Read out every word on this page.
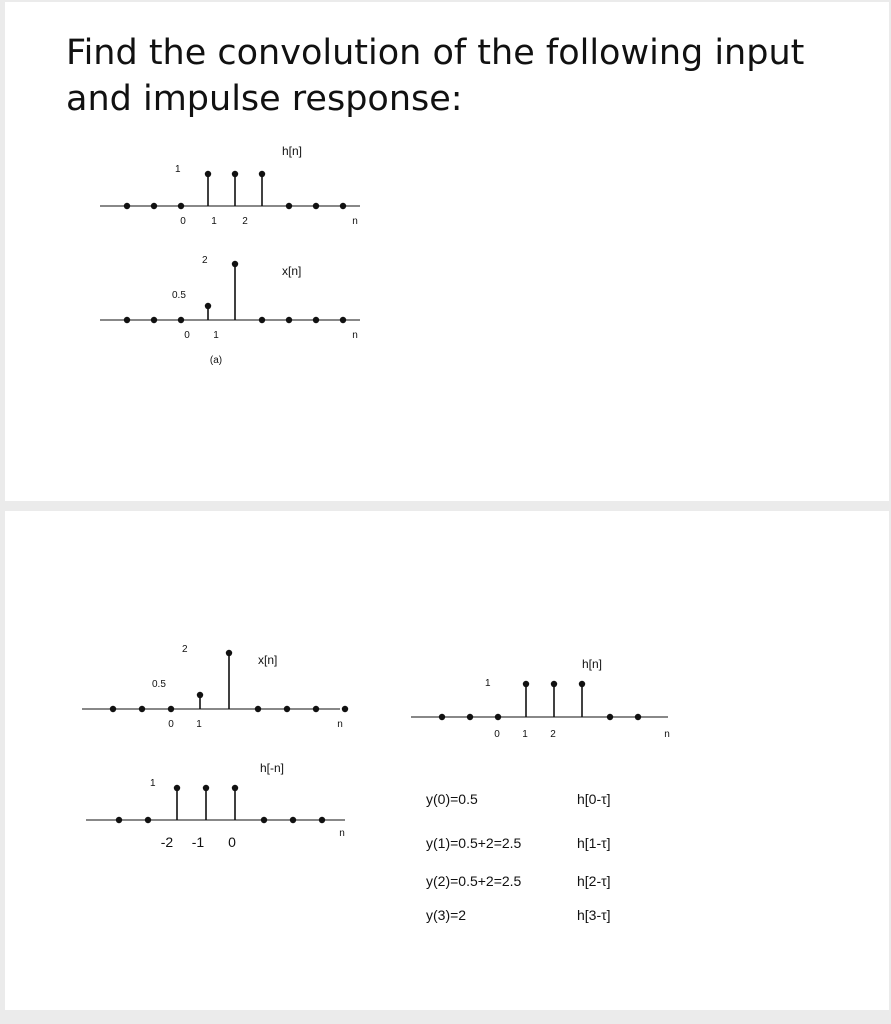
Find the convolution of the following input
and impulse response:
h[n]
1
0	1	2	n
x[n]
0.5
2
0 1	n
(a)
x[n]
0.5
2
0 1	n
h[-n]
1
-2 -1 0
n
h[n]
1
0 1 2	n
y(0)=0.5	h[0-τ]
y(1)=0.5+2=2.5	h[1-τ]
y(2)=0.5+2=2.5	h[2-τ]
y(3)=2	h[3-τ]
